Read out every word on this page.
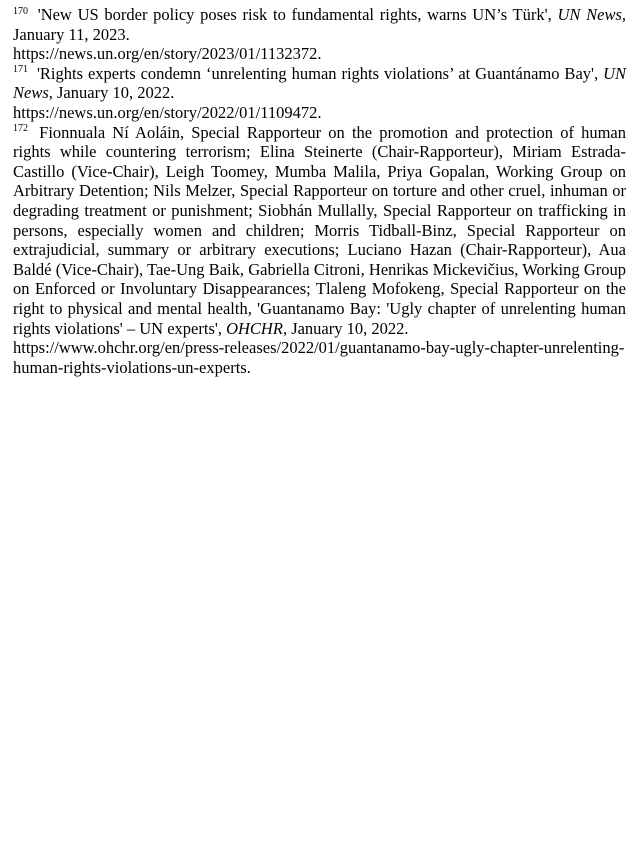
$^{170}$ 'New US border policy poses risk to fundamental rights, warns UN’s Türk', UN News, January 11, 2023.
https://news.un.org/en/story/2023/01/1132372.

$^{171}$ 'Rights experts condemn ‘unrelenting human rights violations’ at Guantánamo Bay', UN News, January 10, 2022.
https://news.un.org/en/story/2022/01/1109472.

$^{172}$ Fionnuala Ní Aoláin, Special Rapporteur on the promotion and protection of human rights while countering terrorism; Elina Steinerte (Chair-Rapporteur), Miriam Estrada-Castillo (Vice-Chair), Leigh Toomey, Mumba Malila, Priya Gopalan, Working Group on Arbitrary Detention; Nils Melzer, Special Rapporteur on torture and other cruel, inhuman or degrading treatment or punishment; Siobhán Mullally, Special Rapporteur on trafficking in persons, especially women and children; Morris Tidball-Binz, Special Rapporteur on extrajudicial, summary or arbitrary executions; Luciano Hazan (Chair-Rapporteur), Aua Baldé (Vice-Chair), Tae-Ung Baik, Gabriella Citroni, Henrikas Mickevičius, Working Group on Enforced or Involuntary Disappearances; Tlaleng Mofokeng, Special Rapporteur on the right to physical and mental health, 'Guantanamo Bay: 'Ugly chapter of unrelenting human rights violations' – UN experts', OHCHR, January 10, 2022.
https://www.ohchr.org/en/press-releases/2022/01/guantanamo-bay-ugly-chapter-unrelenting-human-rights-violations-un-experts.
